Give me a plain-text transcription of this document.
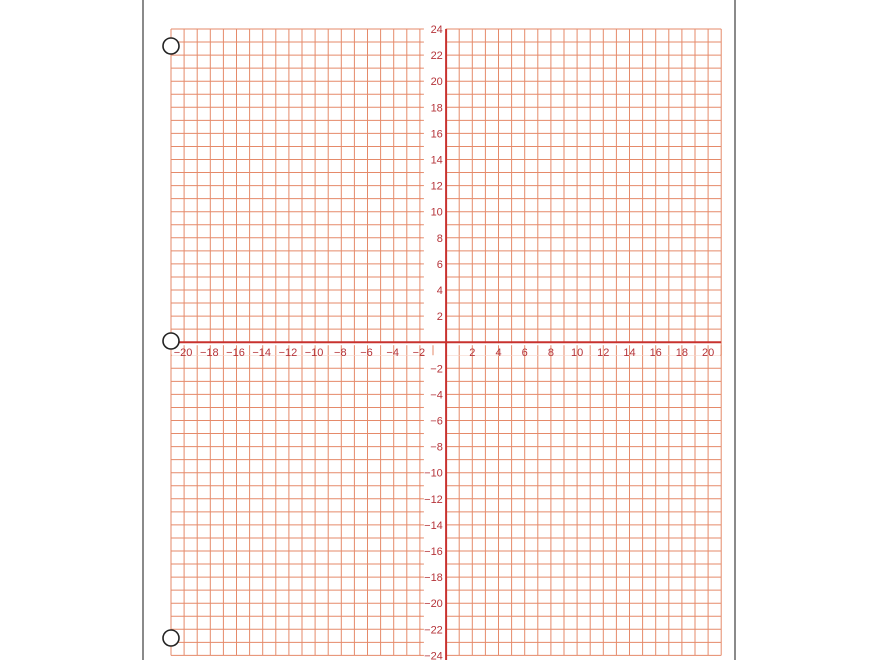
−20 −18 −16 −14 −12 −10 −8 −6 −4 −2	2 4 6 8 10 12 14 16 18 20
24
22
20
18
16
14
12
10
8
6
4
2
−2
−4
−6
−8
−10
−12
−14
−16
−18
−20
−22
−24
